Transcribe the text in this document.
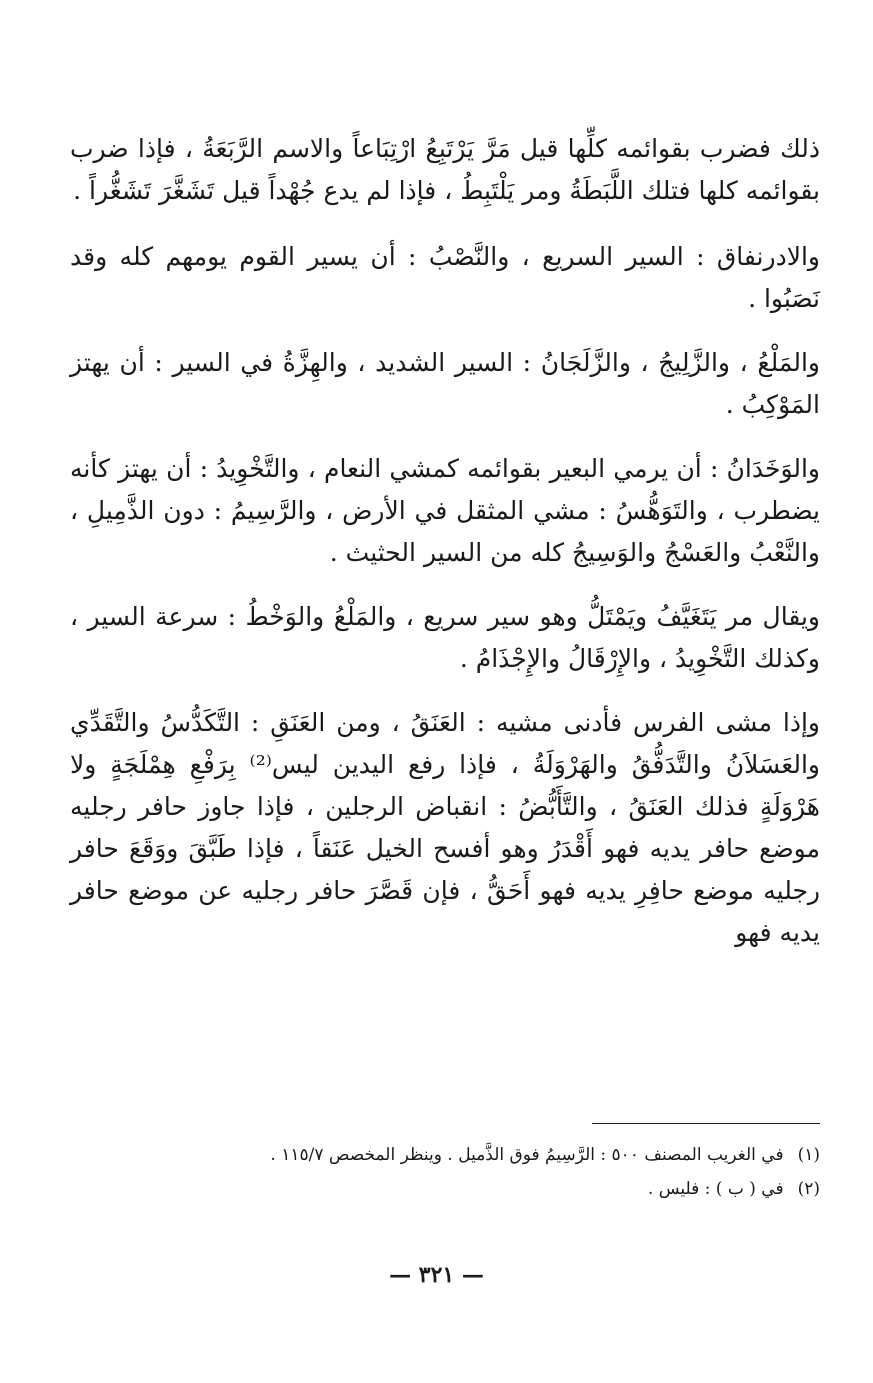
ذلك فضرب بقوائمه كلِّها قيل مَرَّ يَرْتَبِعُ ارْتِبَاعاً والاسم الرَّبَعَةُ ، فإذا ضرب بقوائمه كلها فتلك اللَّبَطَةُ ومر يَلْتَبِطُ ، فإذا لم يدع جُهْداً قيل تَشَغَّرَ تَشَغُّراً .

والادرنفاق : السير السريع ، والنَّصْبُ : أن يسير القوم يومهم كله وقد نَصَبُوا .

والمَلْعُ ، والزَّلِيجُ ، والزَّلَجَانُ : السير الشديد ، والهِزَّةُ في السير : أن يهتز المَوْكِبُ .

والوَخَدَانُ : أن يرمي البعير بقوائمه كمشي النعام ، والتَّخْوِيدُ : أن يهتز كأنه يضطرب ، والتَوَهُّسُ : مشي المثقل في الأرض ، والرَّسِيمُ : دون الذَّمِيلِ ، والنَّعْبُ والعَسْجُ والوَسِيجُ كله من السير الحثيث .

ويقال مر يَتَغَيَّفُ ويَمْتَلُّ وهو سير سريع ، والمَلْعُ والوَخْطُ : سرعة السير ، وكذلك التَّخْوِيدُ ، والإِرْقَالُ والإِجْذَامُ .

وإذا مشى الفرس فأدنى مشيه : العَنَقُ ، ومن العَنَقِ : التَّكَدُّسُ والتَّقَدِّي والعَسَلاَنُ والتَّدَفُّقُ والهَرْوَلَةُ ، فإذا رفع اليدين ليس⁽²⁾ بِرَفْعِ هِمْلَجَةٍ ولا هَرْوَلَةٍ فذلك العَنَقُ ، والتَّأَبُّضُ : انقباض الرجلين ، فإذا جاوز حافر رجليه موضع حافر يديه فهو أَقْدَرُ وهو أفسح الخيل عَنَقاً ، فإذا طَبَّقَ ووَقَعَ حافر رجليه موضع حافِرِ يديه فهو أَحَقُّ ، فإن قَصَّرَ حافر رجليه عن موضع حافر يديه فهو

(١)
في الغريب المصنف ٥٠٠ : الرَّسِيمُ فوق الذَّميل . وينظر المخصص ١١٥/٧ .
(٢)
في ( ب ) : فليس .
— ٣٢١ —
